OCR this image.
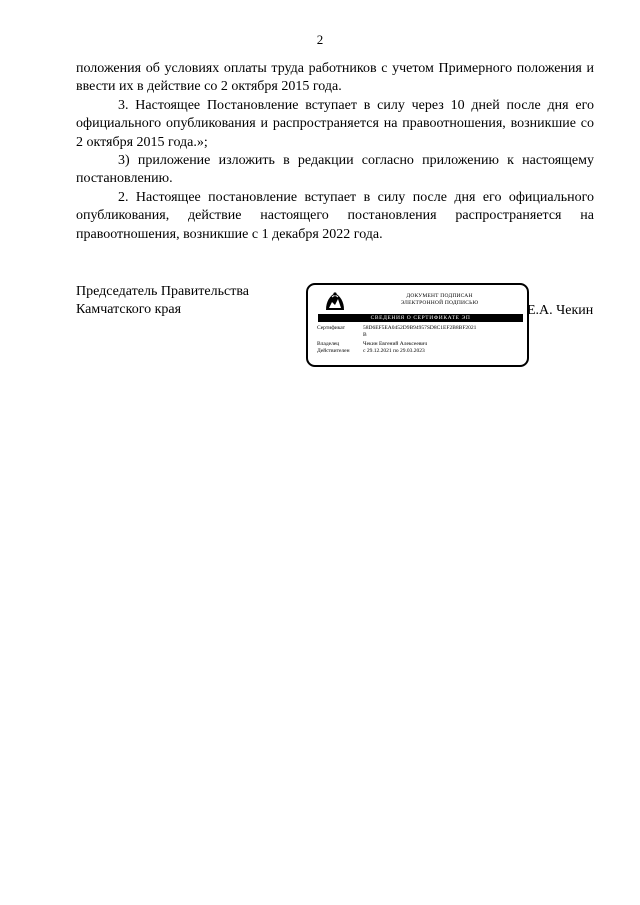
2

положения об условиях оплаты труда работников с учетом Примерного положения и ввести их в действие со 2 октября 2015 года.

3. Настоящее Постановление вступает в силу через 10 дней после дня его официального опубликования и распространяется на правоотношения, возникшие со 2 октября 2015 года.»;

3) приложение изложить в редакции согласно приложению к настоящему постановлению.

2. Настоящее постановление вступает в силу после дня его официального опубликования, действие настоящего постановления распространяется на правоотношения, возникшие с 1 декабря 2022 года.

Председатель Правительства
Камчатского края
ДОКУМЕНТ ПОДПИСАН
ЭЛЕКТРОННОЙ ПОДПИСЬЮ
СВЕДЕНИЯ О СЕРТИФИКАТЕ ЭП
Сертификат	58D6EF5EA0452D9B94957SD8C1EF2B8BF2021
B
Владелец	Чекин Евгений Алексеевич
Действителен с 29.12.2021 по 29.03.2023
Е.А. Чекин
